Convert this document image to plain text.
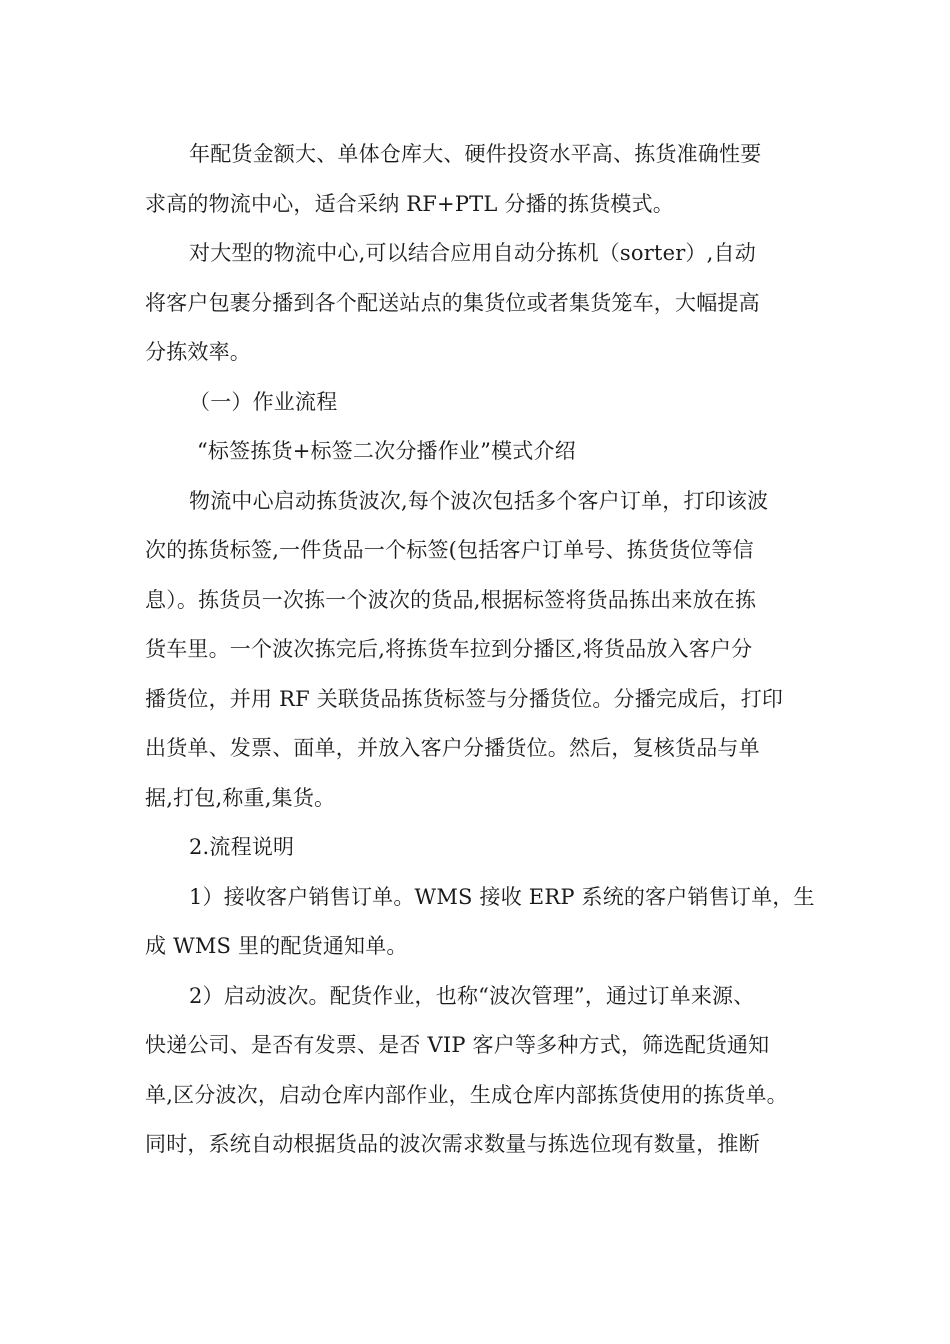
年配货金额大、单体仓库大、硬件投资水平高、拣货准确性要
求高的物流中心，适合采纳 RF+PTL 分播的拣货模式。
对大型的物流中心,可以结合应用自动分拣机（sorter）,自动
将客户包裹分播到各个配送站点的集货位或者集货笼车，大幅提高
分拣效率。
（一）作业流程
“标签拣货+标签二次分播作业”模式介绍
物流中心启动拣货波次,每个波次包括多个客户订单，打印该波
次的拣货标签,一件货品一个标签(包括客户订单号、拣货货位等信
息）。拣货员一次拣一个波次的货品,根据标签将货品拣出来放在拣
货车里。一个波次拣完后,将拣货车拉到分播区,将货品放入客户分
播货位，并用 RF 关联货品拣货标签与分播货位。分播完成后，打印
出货单、发票、面单，并放入客户分播货位。然后，复核货品与单
据,打包,称重,集货。
2.流程说明
1）接收客户销售订单。WMS 接收 ERP 系统的客户销售订单，生
成 WMS 里的配货通知单。
2）启动波次。配货作业，也称“波次管理”，通过订单来源、
快递公司、是否有发票、是否 VIP 客户等多种方式，筛选配货通知
单,区分波次，启动仓库内部作业，生成仓库内部拣货使用的拣货单。
同时，系统自动根据货品的波次需求数量与拣选位现有数量，推断
